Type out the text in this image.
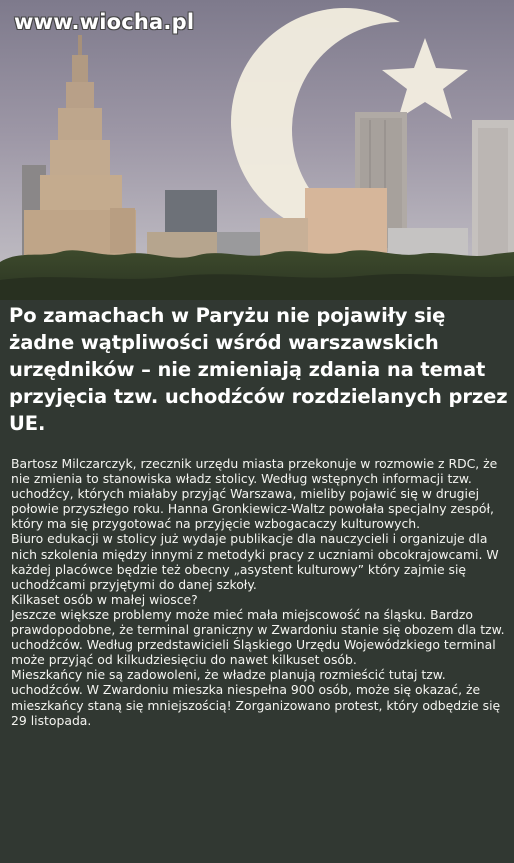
www.wiocha.pl
Po zamachach w Paryżu nie pojawiły się żadne wątpliwości wśród warszawskich urzędników – nie zmieniają zdania na temat przyjęcia tzw. uchodźców rozdzielanych przez UE.

Bartosz Milczarczyk, rzecznik urzędu miasta przekonuje w rozmowie z RDC, że nie zmienia to stanowiska władz stolicy. Według wstępnych informacji tzw. uchodźcy, których miałaby przyjąć Warszawa, mieliby pojawić się w drugiej połowie przyszłego roku. Hanna Gronkiewicz-Waltz powołała specjalny zespół, który ma się przygotować na przyjęcie wzbogacaczy kulturowych.

Biuro edukacji w stolicy już wydaje publikacje dla nauczycieli i organizuje dla nich szkolenia między innymi z metodyki pracy z uczniami obcokrajowcami. W każdej placówce będzie też obecny „asystent kulturowy” który zajmie się uchodźcami przyjętymi do danej szkoły.

Kilkaset osób w małej wiosce?

Jeszcze większe problemy może mieć mała miejscowość na śląsku. Bardzo prawdopodobne, że terminal graniczny w Zwardoniu stanie się obozem dla tzw. uchodźców. Według przedstawicieli Śląskiego Urzędu Wojewódzkiego terminal może przyjąć od kilkudziesięciu do nawet kilkuset osób.

Mieszkańcy nie są zadowoleni, że władze planują rozmieścić tutaj tzw. uchodźców. W Zwardoniu mieszka niespełna 900 osób, może się okazać, że mieszkańcy staną się mniejszością! Zorganizowano protest, który odbędzie się 29 listopada.
